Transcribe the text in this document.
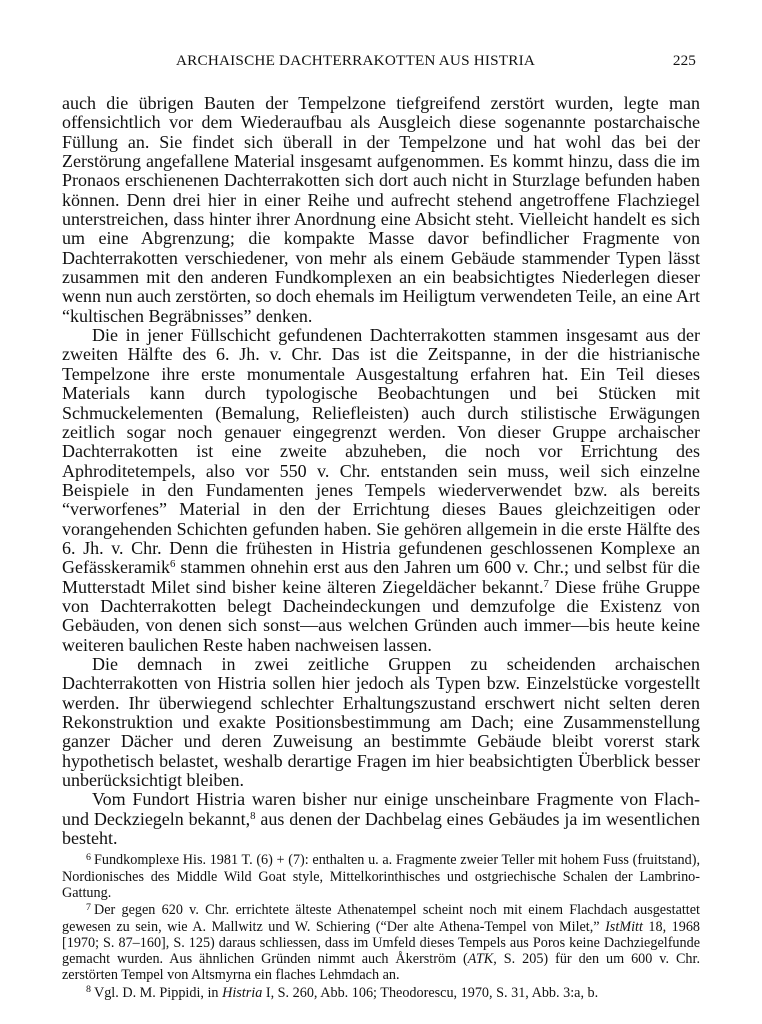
ARCHAISCHE DACHTERRAKOTTEN AUS HISTRIA	225

auch die übrigen Bauten der Tempelzone tiefgreifend zerstört wurden, legte man offensichtlich vor dem Wiederaufbau als Ausgleich diese sogenannte postarchaische Füllung an. Sie findet sich überall in der Tempelzone und hat wohl das bei der Zerstörung angefallene Material insgesamt aufgenommen. Es kommt hinzu, dass die im Pronaos erschienenen Dachterrakotten sich dort auch nicht in Sturzlage befunden haben können. Denn drei hier in einer Reihe und aufrecht stehend angetroffene Flachziegel unterstreichen, dass hinter ihrer Anordnung eine Absicht steht. Vielleicht handelt es sich um eine Abgrenzung; die kompakte Masse davor befindlicher Fragmente von Dachterrakotten verschiedener, von mehr als einem Gebäude stammender Typen lässt zusammen mit den anderen Fundkomplexen an ein beabsichtigtes Niederlegen dieser wenn nun auch zerstörten, so doch ehemals im Heiligtum verwendeten Teile, an eine Art “kultischen Begräbnisses” denken.

Die in jener Füllschicht gefundenen Dachterrakotten stammen insgesamt aus der zweiten Hälfte des 6. Jh. v. Chr. Das ist die Zeitspanne, in der die histrianische Tempelzone ihre erste monumentale Ausgestaltung erfahren hat. Ein Teil dieses Materials kann durch typologische Beobachtungen und bei Stücken mit Schmuckelementen (Bemalung, Reliefleisten) auch durch stilistische Erwägungen zeitlich sogar noch genauer eingegrenzt werden. Von dieser Gruppe archaischer Dachterrakotten ist eine zweite abzuheben, die noch vor Errichtung des Aphroditetempels, also vor 550 v. Chr. entstanden sein muss, weil sich einzelne Beispiele in den Fundamenten jenes Tempels wiederverwendet bzw. als bereits “verworfenes” Material in den der Errichtung dieses Baues gleichzeitigen oder vorangehenden Schichten gefunden haben. Sie gehören allgemein in die erste Hälfte des 6. Jh. v. Chr. Denn die frühesten in Histria gefundenen geschlossenen Komplexe an Gefässkeramik$^6$ stammen ohnehin erst aus den Jahren um 600 v. Chr.; und selbst für die Mutterstadt Milet sind bisher keine älteren Ziegeldächer bekannt.$^7$ Diese frühe Gruppe von Dachterrakotten belegt Dacheindeckungen und demzufolge die Existenz von Gebäuden, von denen sich sonst—aus welchen Gründen auch immer—bis heute keine weiteren baulichen Reste haben nachweisen lassen.

Die demnach in zwei zeitliche Gruppen zu scheidenden archaischen Dachterrakotten von Histria sollen hier jedoch als Typen bzw. Einzelstücke vorgestellt werden. Ihr überwiegend schlechter Erhaltungszustand erschwert nicht selten deren Rekonstruktion und exakte Positionsbestimmung am Dach; eine Zusammenstellung ganzer Dächer und deren Zuweisung an bestimmte Gebäude bleibt vorerst stark hypothetisch belastet, weshalb derartige Fragen im hier beabsichtigten Überblick besser unberücksichtigt bleiben.

Vom Fundort Histria waren bisher nur einige unscheinbare Fragmente von Flach- und Deckziegeln bekannt,$^8$ aus denen der Dachbelag eines Gebäudes ja im wesentlichen besteht.

$^6$ Fundkomplexe His. 1981 T. (6) + (7): enthalten u. a. Fragmente zweier Teller mit hohem Fuss (fruitstand), Nordionisches des Middle Wild Goat style, Mittelkorinthisches und ostgriechische Schalen der Lambrino-Gattung.

$^7$ Der gegen 620 v. Chr. errichtete älteste Athenatempel scheint noch mit einem Flachdach ausgestattet gewesen zu sein, wie A. Mallwitz und W. Schiering (“Der alte Athena-Tempel von Milet,” IstMitt 18, 1968 [1970; S. 87–160], S. 125) daraus schliessen, dass im Umfeld dieses Tempels aus Poros keine Dachziegelfunde gemacht wurden. Aus ähnlichen Gründen nimmt auch Åkerström (ATK, S. 205) für den um 600 v. Chr. zerstörten Tempel von Altsmyrna ein flaches Lehmdach an.

$^8$ Vgl. D. M. Pippidi, in Histria I, S. 260, Abb. 106; Theodorescu, 1970, S. 31, Abb. 3:a, b.
